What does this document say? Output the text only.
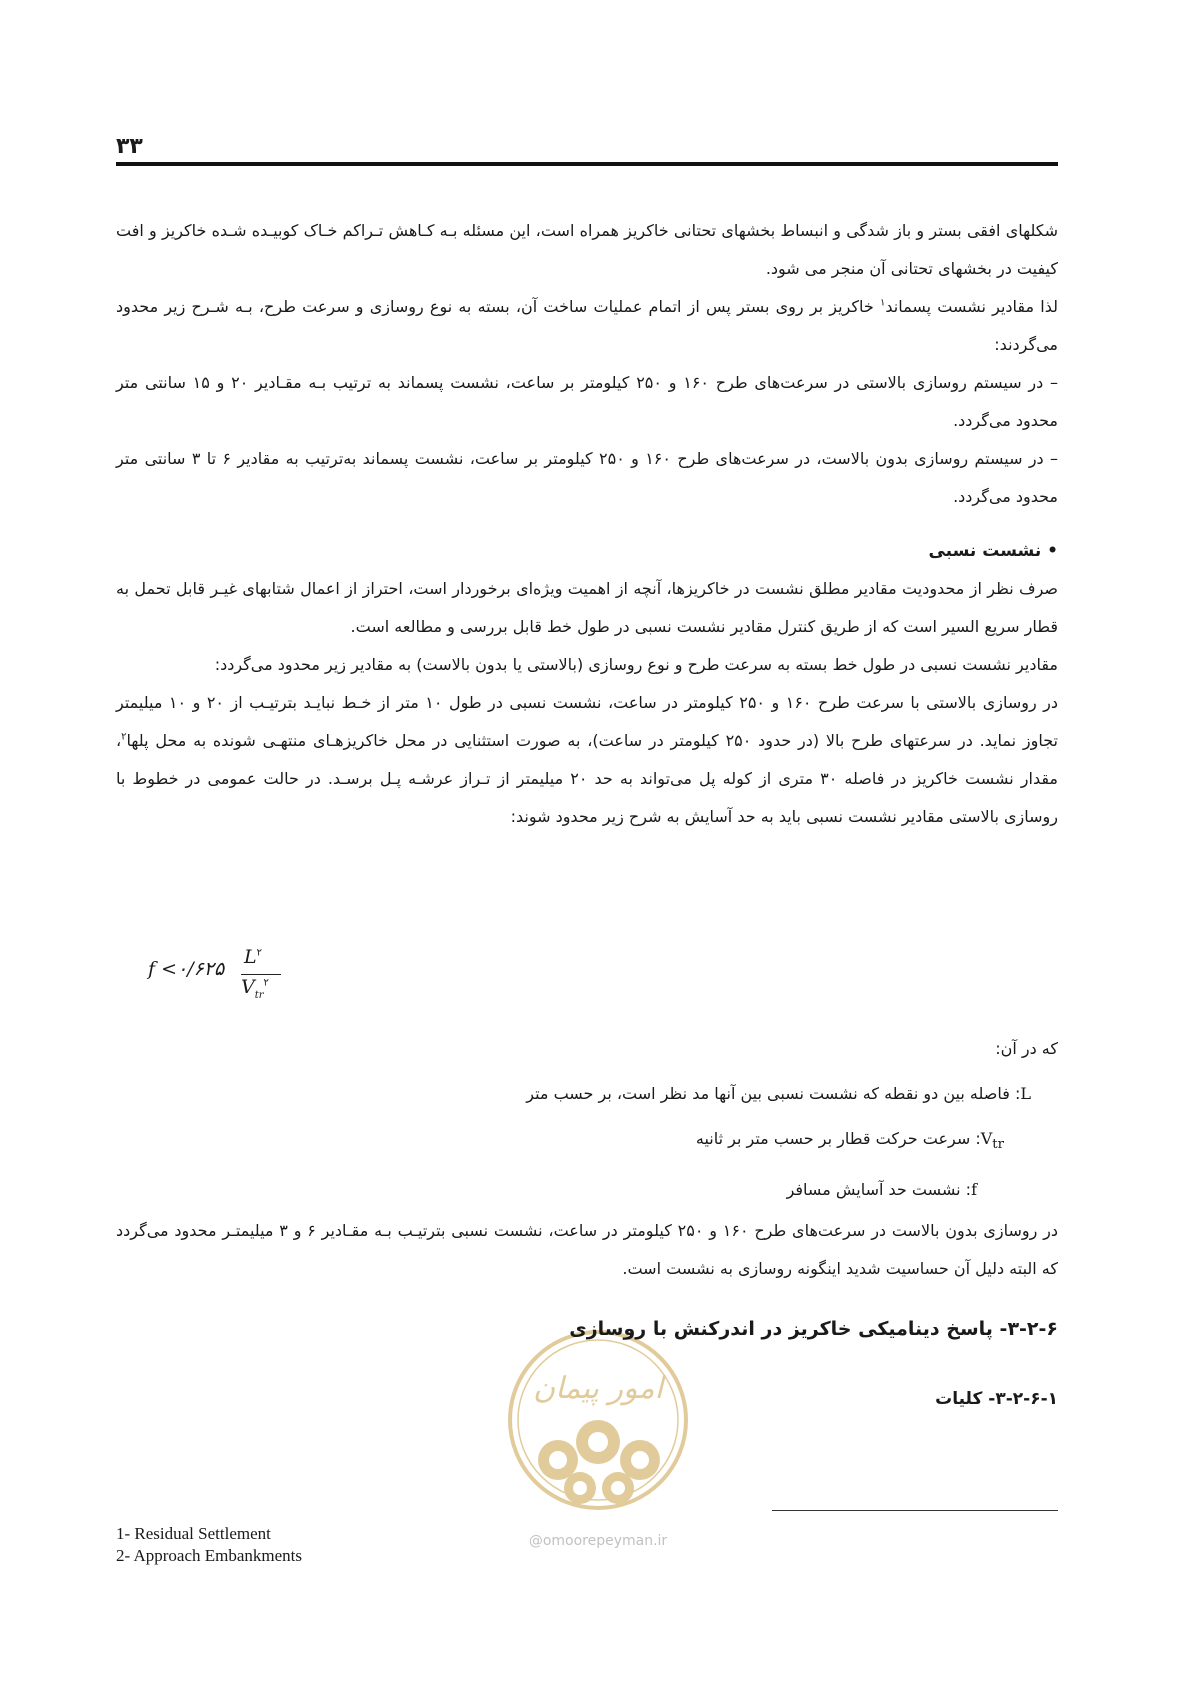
۳۳

شکلهای افقی بستر و باز شدگی و انبساط بخشهای تحتانی خاکریز همراه است، این مسئله بـه کـاهش تـراکم خـاک کوبیـده شـده خاکریز و افت کیفیت در بخشهای تحتانی آن منجر می شود.

لذا مقادیر نشست پسماند$^۱$ خاکریز بر روی بستر پس از اتمام عملیات ساخت آن، بسته به نوع روسازی و سرعت طرح، بـه شـرح زیر محدود می‌گردند:

– در سیستم روسازی بالاستی در سرعت‌های طرح ۱۶۰ و ۲۵۰ کیلومتر بر ساعت، نشست پسماند به ترتیب بـه مقـادیر ۲۰ و ۱۵ سانتی متر محدود می‌گردد.

– در سیستم روسازی بدون بالاست، در سرعت‌های طرح ۱۶۰ و ۲۵۰ کیلومتر بر ساعت، نشست پسماند به‌ترتیب به مقادیر ۶ تا ۳ سانتی متر محدود می‌گردد.

• نشست نسبی

صرف نظر از محدودیت مقادیر مطلق نشست در خاکریزها، آنچه از اهمیت ویژه‌ای برخوردار است، احتراز از اعمال شتابهای غیـر قابل تحمل به قطار سریع السیر است که از طریق کنترل مقادیر نشست نسبی در طول خط قابل بررسی و مطالعه است.

مقادیر نشست نسبی در طول خط بسته به سرعت طرح و نوع روسازی (بالاستی یا بدون بالاست) به مقادیر زیر محدود می‌گردد:

در روسازی بالاستی با سرعت طرح ۱۶۰ و ۲۵۰ کیلومتر در ساعت، نشست نسبی در طول ۱۰ متر از خـط نبایـد بترتیـب از ۲۰ و ۱۰ میلیمتر تجاوز نماید. در سرعتهای طرح بالا (در حدود ۲۵۰ کیلومتر در ساعت)، به صورت استثنایی در محل خاکریزهـای منتهـی شونده به محل پلها$^۲$، مقدار نشست خاکریز در فاصله ۳۰ متری از کوله پل می‌تواند به حد ۲۰ میلیمتر از تـراز عرشـه پـل برسـد. در حالت عمومی در خطوط با روسازی بالاستی مقادیر نشست نسبی باید به حد آسایش به شرح زیر محدود شوند:

f <۰/۶۲۵
$L^۲$
$V_{tr}^۲$

که در آن:

L: فاصله بین دو نقطه که نشست نسبی بین آنها مد نظر است، بر حسب متر

$V_{tr}$: سرعت حرکت قطار بر حسب متر بر ثانیه

f: نشست حد آسایش مسافر

در روسازی بدون بالاست در سرعت‌های طرح ۱۶۰ و ۲۵۰ کیلومتر در ساعت، نشست نسبی بترتیـب بـه مقـادیر ۶ و ۳ میلیمتـر محدود می‌گردد که البته دلیل آن حساسیت شدید اینگونه روسازی به نشست است.

امور پیمان
@omoorepeyman.ir
۳-۲-۶- پاسخ دینامیکی خاکریز در اندرکنش با روسازی
۳-۲-۶-۱- کلیات
1- Residual Settlement
2- Approach Embankments
